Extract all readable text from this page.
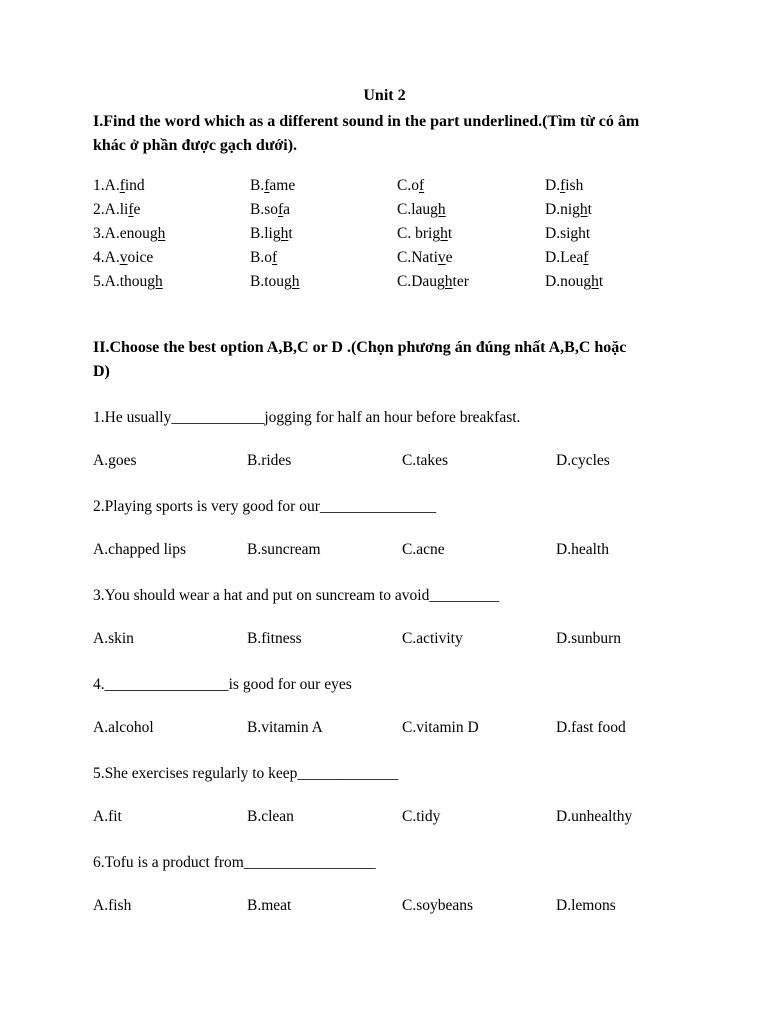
Unit 2
I.Find the word which as a different sound in the part underlined.(Tìm từ có âm
khác ở phần được gạch dưới).
1.A.find	B.fame	C.of	D.fish
2.A.life	B.sofa	C.laugh	D.night
3.A.enough	B.light	C. bright	D.sight
4.A.voice	B.of	C.Native	D.Leaf
5.A.though	B.tough	C.Daughter	D.nought
II.Choose the best option A,B,C or D .(Chọn phương án đúng nhất A,B,C hoặc
D)
1.He usually____________jogging for half an hour before breakfast.
A.goes	B.rides	C.takes	D.cycles
2.Playing sports is very good for our_______________
A.chapped lips	B.suncream	C.acne	D.health
3.You should wear a hat and put on suncream to avoid_________
A.skin	B.fitness	C.activity	D.sunburn
4.________________is good for our eyes
A.alcohol	B.vitamin A	C.vitamin D	D.fast food
5.She exercises regularly to keep_____________
A.fit	B.clean	C.tidy	D.unhealthy
6.Tofu is a product from_________________
A.fish	B.meat	C.soybeans	D.lemons
